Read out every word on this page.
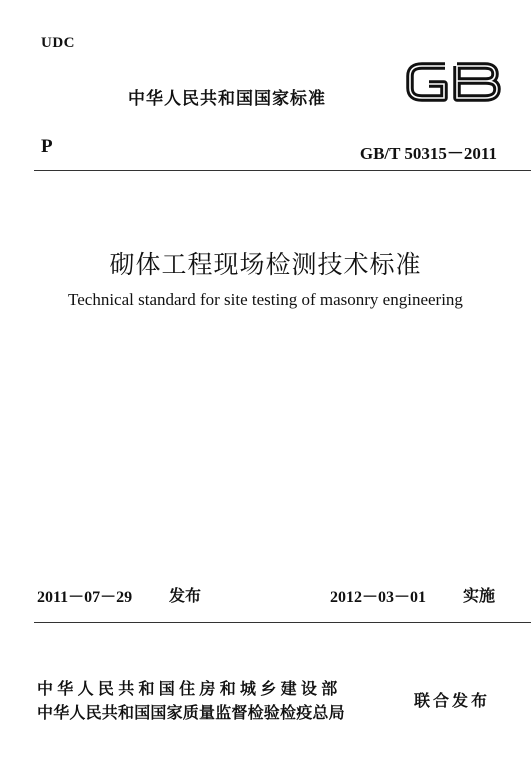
UDC
中华人民共和国国家标准
P	GB/T 50315－2011
砌体工程现场检测技术标准
Technical standard for site testing of masonry engineering
2011－07－29 发布	2012－03－01 实施
中华人民共和国住房和城乡建设部
中华人民共和国国家质量监督检验检疫总局
联合发布
